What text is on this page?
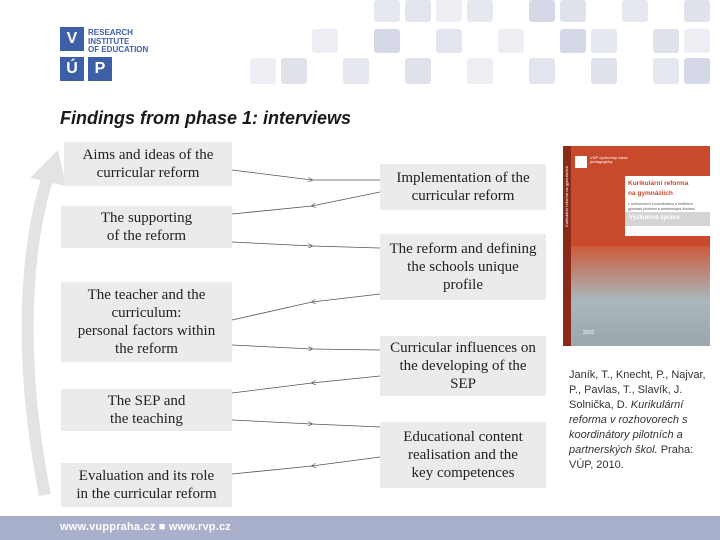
V
Ú	P
RESEARCH
INSTITUTE
OF EDUCATION
Findings from phase 1: interviews
Aims and ideas of the
curricular reform
The supporting
of the reform
The teacher and the
curriculum:
personal factors within
the reform
The SEP and
the teaching
Evaluation and its role
in the curricular reform
Implementation of the
curricular reform
The reform and defining
the schools unique
profile
Curricular influences on
the developing of the
SEP
Educational content
realisation and the
key competences
Kurikulární reforma na gymnáziích
VÚP výzkumný ústav pedagogický
Kurikulární reforma
na gymnáziích
v rozhovorech s koordinátory a ředitelem gymnázií pilotními a partnerskými školami
Výzkumná zpráva
2010
Janík, T., Knecht, P., Najvar, P., Pavlas, T., Slavík, J. Solnička, D. Kurikulární reforma v rozhovorech s koordinátory pilotních a partnerských škol. Praha: VÚP, 2010.
www.vuppraha.cz ■ www.rvp.cz
